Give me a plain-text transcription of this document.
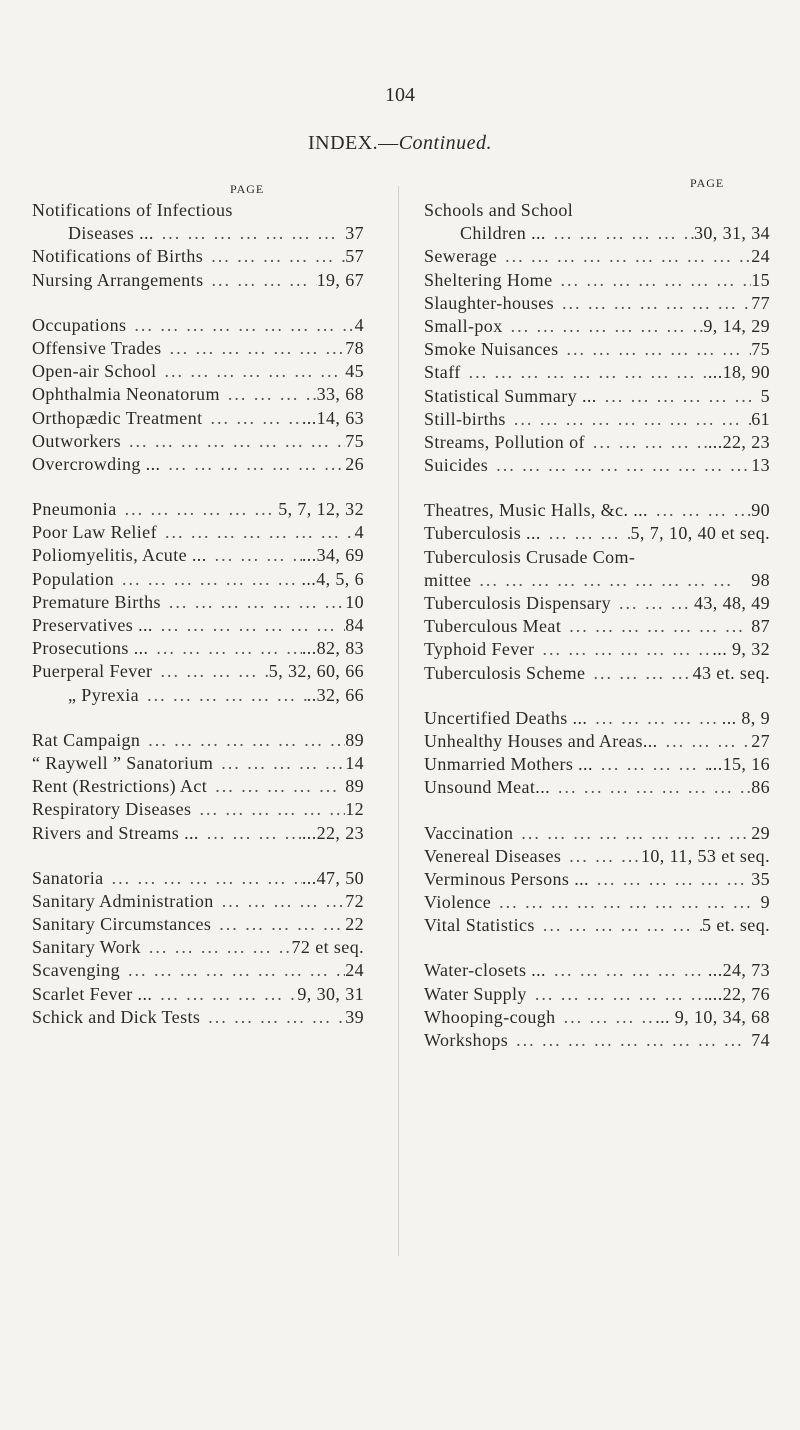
104
INDEX.—Continued.
PAGE	PAGE
Notifications of Infectious
Diseases ... ... .	37
Notifications of Births ... .	57
Nursing Arrangements ... .	19, 67
Occupations ... .	4
Offensive Trades ... .	78
Open-air School ... .	45
Ophthalmia Neonatorum ... .	33, 68
Orthopædic Treatment ... .	...14, 63
Outworkers ... .	75
Overcrowding ... ... .	26
Pneumonia ... .	5, 7, 12, 32
Poor Law Relief ... .	4
Poliomyelitis, Acute ... ... .	...34, 69
Population ... .	...4, 5, 6
Premature Births ... .	10
Preservatives ... ... .	84
Prosecutions ... ... .	...82, 83
Puerperal Fever ... .	5, 32, 60, 66
„ Pyrexia ... .	..32, 66
Rat Campaign ... .	89
“ Raywell ” Sanatorium ... .	14
Rent (Restrictions) Act ... .	89
Respiratory Diseases ... .	12
Rivers and Streams ... ... .	...22, 23
Sanatoria ... .	...47, 50
Sanitary Administration ... .	72
Sanitary Circumstances ... .	22
Sanitary Work ... .	72 et seq.
Scavenging ... .	24
Scarlet Fever ... ... .	9, 30, 31
Schick and Dick Tests ... .	39
Schools and School
Children ... ... .	30, 31, 34
Sewerage ... .	24
Sheltering Home ... .	15
Slaughter-houses ... .	77
Small-pox ... .	9, 14, 29
Smoke Nuisances ... .	75
Staff ... .	...18, 90
Statistical Summary ... ... .	5
Still-births ... .	61
Streams, Pollution of ... .	...22, 23
Suicides ... .	13
Theatres, Music Halls, &c. ... ... .	90
Tuberculosis ... ... .	5, 7, 10, 40 et seq.
Tuberculosis Crusade Com-
mittee ... .	98
Tuberculosis Dispensary ... .	43, 48, 49
Tuberculous Meat ... .	87
Typhoid Fever ... .	... 9, 32
Tuberculosis Scheme ... .	43 et. seq.
Uncertified Deaths ... ... .	... 8, 9
Unhealthy Houses and Areas... ... .	27
Unmarried Mothers ... ... .	...15, 16
Unsound Meat... ... .	86
Vaccination ... .	29
Venereal Diseases ... .	10, 11, 53 et seq.
Verminous Persons ... ... .	35
Violence ... .	9
Vital Statistics ... .	5 et. seq.
Water-closets ... ... .	...24, 73
Water Supply ... .	...22, 76
Whooping-cough ... .	... 9, 10, 34, 68
Workshops ... .	74
